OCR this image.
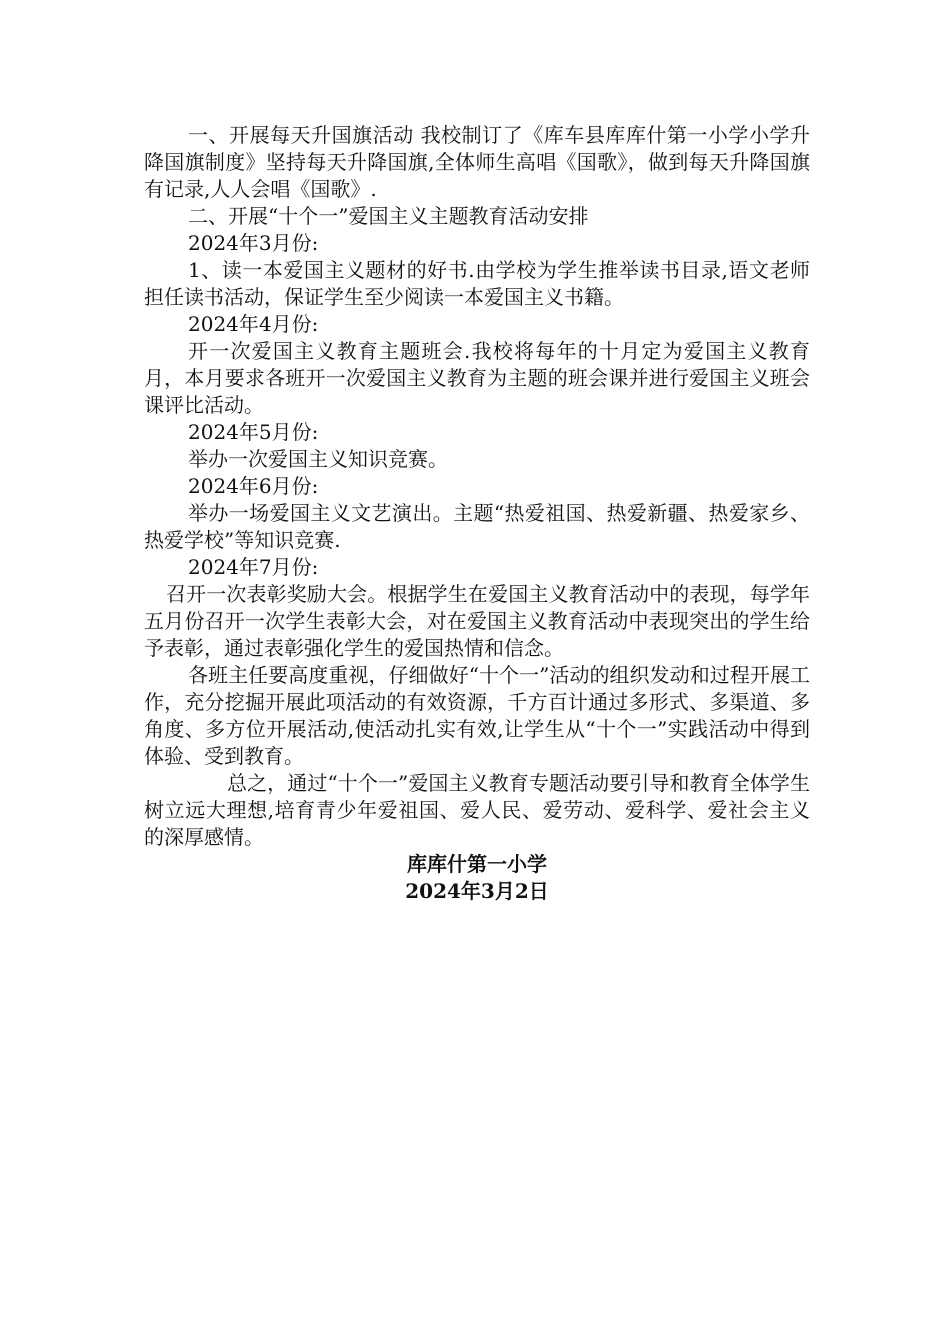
一、开展每天升国旗活动 我校制订了《库车县库库什第一小学小学升降国旗制度》坚持每天升降国旗,全体师生高唱《国歌》，做到每天升降国旗有记录,人人会唱《国歌》.

二、开展“十个一”爱国主义主题教育活动安排

2024年3月份:

1、读一本爱国主义题材的好书.由学校为学生推举读书目录,语文老师担任读书活动，保证学生至少阅读一本爱国主义书籍。

2024年4月份:

开一次爱国主义教育主题班会.我校将每年的十月定为爱国主义教育月，本月要求各班开一次爱国主义教育为主题的班会课并进行爱国主义班会课评比活动。

2024年5月份:

举办一次爱国主义知识竞赛。

2024年6月份:

举办一场爱国主义文艺演出。主题“热爱祖国、热爱新疆、热爱家乡、热爱学校”等知识竞赛.

2024年7月份:

召开一次表彰奖励大会。根据学生在爱国主义教育活动中的表现，每学年五月份召开一次学生表彰大会，对在爱国主义教育活动中表现突出的学生给予表彰，通过表彰强化学生的爱国热情和信念。

各班主任要高度重视，仔细做好“十个一”活动的组织发动和过程开展工作，充分挖掘开展此项活动的有效资源，千方百计通过多形式、多渠道、多角度、多方位开展活动,使活动扎实有效,让学生从“十个一”实践活动中得到体验、受到教育。

总之，通过“十个一”爱国主义教育专题活动要引导和教育全体学生树立远大理想,培育青少年爱祖国、爱人民、爱劳动、爱科学、爱社会主义的深厚感情。

库库什第一小学

2024年3月2日
